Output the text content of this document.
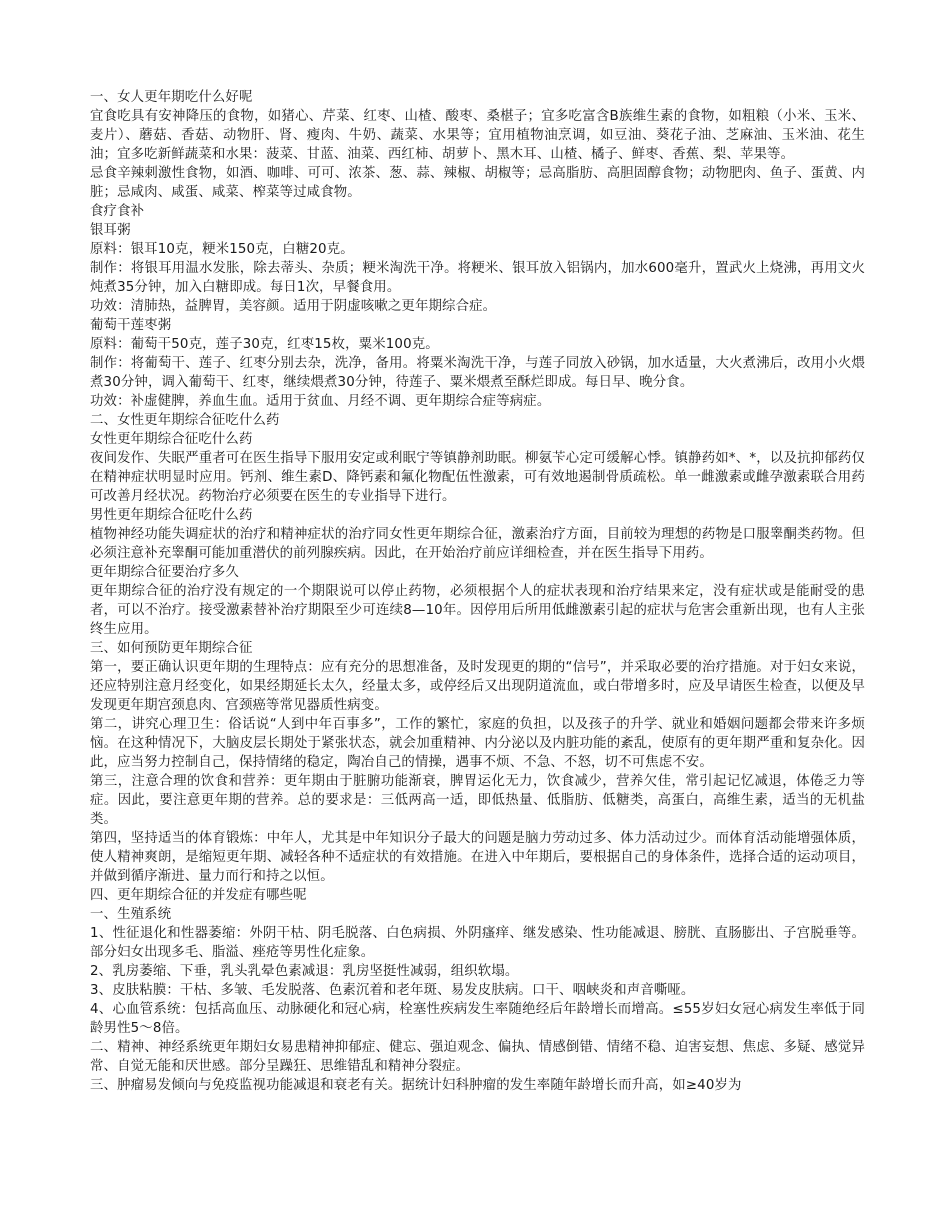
一、女人更年期吃什么好呢

宜食吃具有安神降压的食物，如猪心、芹菜、红枣、山楂、酸枣、桑椹子；宜多吃富含B族维生素的食物，如粗粮（小米、玉米、麦片）、蘑菇、香菇、动物肝、肾、瘦肉、牛奶、蔬菜、水果等；宜用植物油烹调，如豆油、葵花子油、芝麻油、玉米油、花生油；宜多吃新鲜蔬菜和水果：菠菜、甘蓝、油菜、西红柿、胡萝卜、黑木耳、山楂、橘子、鲜枣、香蕉、梨、苹果等。

忌食辛辣刺激性食物，如酒、咖啡、可可、浓茶、葱、蒜、辣椒、胡椒等；忌高脂肪、高胆固醇食物；动物肥肉、鱼子、蛋黄、内脏；忌咸肉、咸蛋、咸菜、榨菜等过咸食物。

食疗食补

银耳粥

原料：银耳10克，粳米150克，白糖20克。

制作：将银耳用温水发胀，除去蒂头、杂质；粳米淘洗干净。将粳米、银耳放入铝锅内，加水600毫升，置武火上烧沸，再用文火炖煮35分钟，加入白糖即成。每日1次，早餐食用。

功效：清肺热，益脾胃，美容颜。适用于阴虚咳嗽之更年期综合症。

葡萄干莲枣粥

原料：葡萄干50克，莲子30克，红枣15枚，粟米100克。

制作：将葡萄干、莲子、红枣分别去杂，洗净，备用。将粟米淘洗干净，与莲子同放入砂锅，加水适量，大火煮沸后，改用小火煨煮30分钟，调入葡萄干、红枣，继续煨煮30分钟，待莲子、粟米煨煮至酥烂即成。每日早、晚分食。

功效：补虚健脾，养血生血。适用于贫血、月经不调、更年期综合症等病症。

二、女性更年期综合征吃什么药

女性更年期综合征吃什么药

夜间发作、失眠严重者可在医生指导下服用安定或利眠宁等镇静剂助眠。柳氨苄心定可缓解心悸。镇静药如*、*，以及抗抑郁药仅在精神症状明显时应用。钙剂、维生素D、降钙素和氟化物配伍性激素，可有效地遏制骨质疏松。单一雌激素或雌孕激素联合用药可改善月经状况。药物治疗必须要在医生的专业指导下进行。

男性更年期综合征吃什么药

植物神经功能失调症状的治疗和精神症状的治疗同女性更年期综合征，激素治疗方面，目前较为理想的药物是口服睾酮类药物。但必须注意补充睾酮可能加重潜伏的前列腺疾病。因此，在开始治疗前应详细检查，并在医生指导下用药。

更年期综合征要治疗多久

更年期综合征的治疗没有规定的一个期限说可以停止药物，必须根据个人的症状表现和治疗结果来定，没有症状或是能耐受的患者，可以不治疗。接受激素替补治疗期限至少可连续8—10年。因停用后所用低雌激素引起的症状与危害会重新出现，也有人主张终生应用。

三、如何预防更年期综合征

第一，要正确认识更年期的生理特点：应有充分的思想准备，及时发现更的期的“信号”，并采取必要的治疗措施。对于妇女来说，还应特别注意月经变化，如果经期延长太久，经量太多，或停经后又出现阴道流血，或白带增多时，应及早请医生检查，以便及早发现更年期宫颈息肉、宫颈癌等常见器质性病变。

第二，讲究心理卫生：俗话说“人到中年百事多”，工作的繁忙，家庭的负担，以及孩子的升学、就业和婚姻问题都会带来许多烦恼。在这种情况下，大脑皮层长期处于紧张状态，就会加重精神、内分泌以及内脏功能的紊乱，使原有的更年期严重和复杂化。因此，应当努力控制自己，保持情绪的稳定，陶冶自己的情操，遇事不烦、不急、不怒，切不可焦虑不安。

第三，注意合理的饮食和营养：更年期由于脏腑功能渐衰，脾胃运化无力，饮食减少，营养欠佳，常引起记忆减退，体倦乏力等症。因此，要注意更年期的营养。总的要求是：三低两高一适，即低热量、低脂肪、低糖类，高蛋白，高维生素，适当的无机盐类。

第四，坚持适当的体育锻炼：中年人，尤其是中年知识分子最大的问题是脑力劳动过多、体力活动过少。而体育活动能增强体质，使人精神爽朗，是缩短更年期、减轻各种不适症状的有效措施。在进入中年期后，要根据自己的身体条件，选择合适的运动项目，并做到循序渐进、量力而行和持之以恒。

四、更年期综合征的并发症有哪些呢

一、生殖系统

1、性征退化和性器萎缩：外阴干枯、阴毛脱落、白色病损、外阴瘙痒、继发感染、性功能减退、膀胱、直肠膨出、子宫脱垂等。部分妇女出现多毛、脂溢、痤疮等男性化症象。

2、乳房萎缩、下垂，乳头乳晕色素减退：乳房坚挺性减弱，组织软塌。

3、皮肤粘膜：干枯、多皱、毛发脱落、色素沉着和老年斑、易发皮肤病。口干、咽峡炎和声音嘶哑。

4、心血管系统：包括高血压、动脉硬化和冠心病，栓塞性疾病发生率随绝经后年龄增长而增高。≤55岁妇女冠心病发生率低于同龄男性5～8倍。

二、精神、神经系统更年期妇女易患精神抑郁症、健忘、强迫观念、偏执、情感倒错、情绪不稳、迫害妄想、焦虑、多疑、感觉异常、自觉无能和厌世感。部分呈躁狂、思维错乱和精神分裂症。

三、肿瘤易发倾向与免疫监视功能减退和衰老有关。据统计妇科肿瘤的发生率随年龄增长而升高，如≥40岁为
